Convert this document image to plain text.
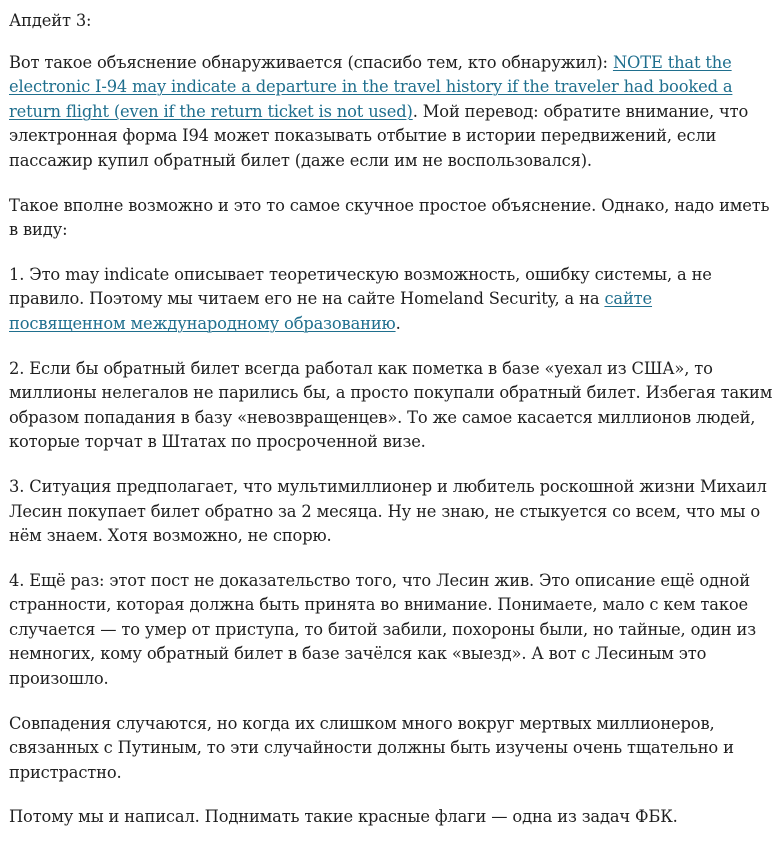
Апдейт 3:

Вот такое объяснение обнаруживается (спасибо тем, кто обнаружил): NOTE that the electronic I-94 may indicate a departure in the travel history if the traveler had booked a return flight (even if the return ticket is not used). Мой перевод: обратите внимание, что электронная форма I94 может показывать отбытие в истории передвижений, если пассажир купил обратный билет (даже если им не воспользовался).

Такое вполне возможно и это то самое скучное простое объяснение. Однако, надо иметь в виду:

1. Это may indicate описывает теоретическую возможность, ошибку системы, а не правило. Поэтому мы читаем его не на сайте Homeland Security, а на сайте посвященном международному образованию.

2. Если бы обратный билет всегда работал как пометка в базе «уехал из США», то миллионы нелегалов не парились бы, а просто покупали обратный билет. Избегая таким образом попадания в базу «невозвращенцев». То же самое касается миллионов людей, которые торчат в Штатах по просроченной визе.

3. Ситуация предполагает, что мультимиллионер и любитель роскошной жизни Михаил Лесин покупает билет обратно за 2 месяца. Ну не знаю, не стыкуется со всем, что мы о нём знаем. Хотя возможно, не спорю.

4. Ещё раз: этот пост не доказательство того, что Лесин жив. Это описание ещё одной странности, которая должна быть принята во внимание. Понимаете, мало с кем такое случается — то умер от приступа, то битой забили, похороны были, но тайные, один из немногих, кому обратный билет в базе зачёлся как «выезд». А вот с Лесиным это произошло.

Совпадения случаются, но когда их слишком много вокруг мертвых миллионеров, связанных с Путиным, то эти случайности должны быть изучены очень тщательно и пристрастно.

Потому мы и написал. Поднимать такие красные флаги — одна из задач ФБК.
